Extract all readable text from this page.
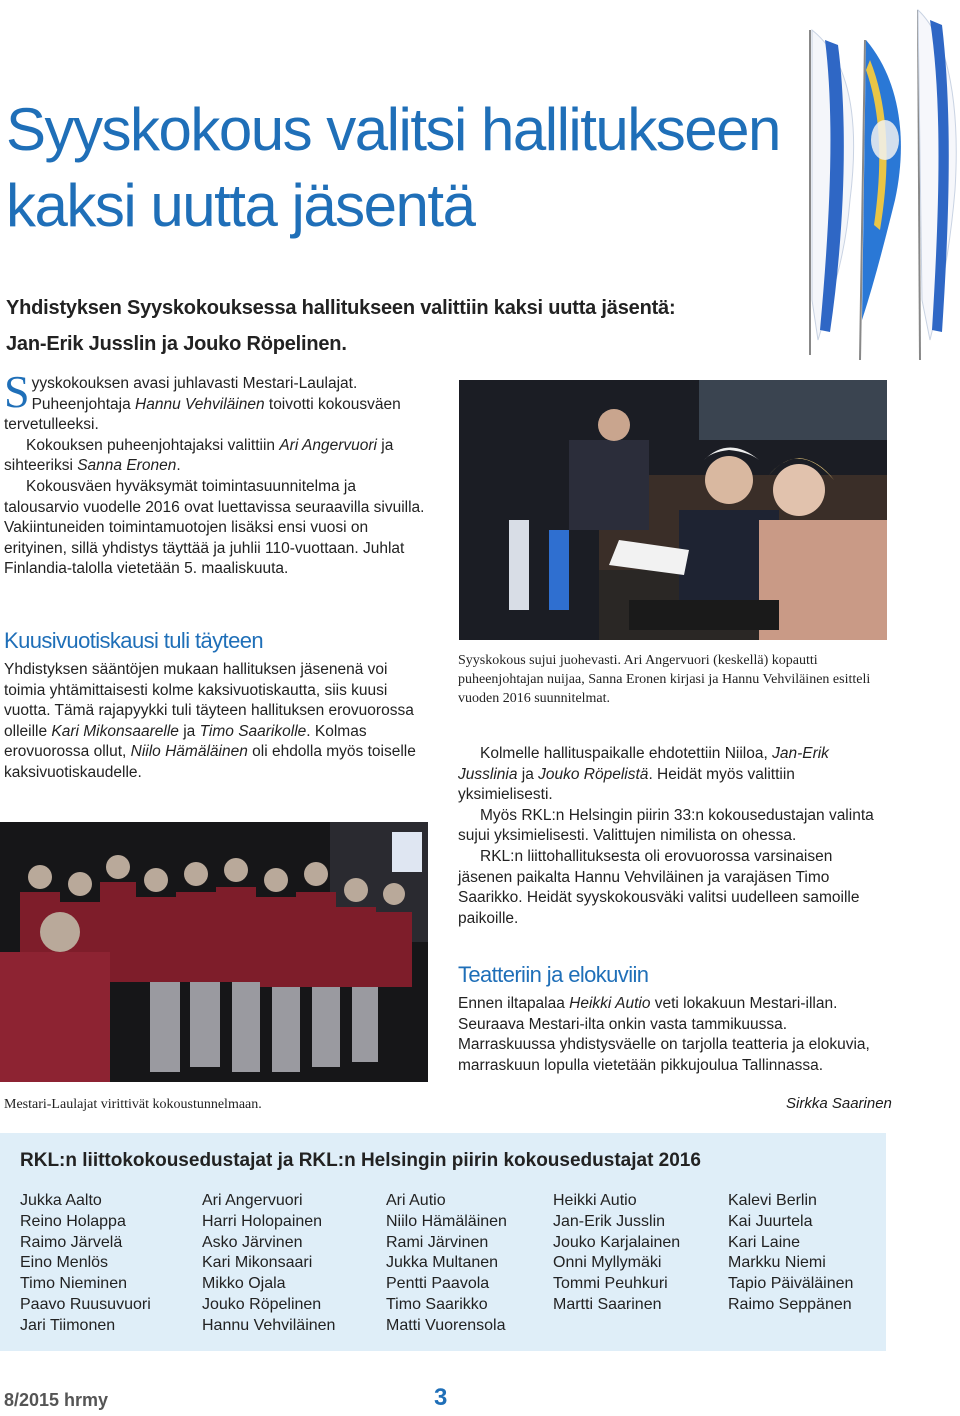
Syyskokous valitsi hallitukseen
kaksi uutta jäsentä
Yhdistyksen Syyskokouksessa hallitukseen valittiin kaksi uutta jäsentä:
Jan-Erik Jusslin ja Jouko Röpelinen.

Syyskokouksen avasi juhlavasti Mestari-Laulajat. Puheenjohtaja Hannu Vehviläinen toivotti kokousväen tervetulleeksi.

Kokouksen puheenjohtajaksi valittiin Ari Angervuori ja sihteeriksi Sanna Eronen.

Kokousväen hyväksymät toimintasuunnitelma ja talousarvio vuodelle 2016 ovat luettavissa seuraavilla sivuilla. Vakiintuneiden toimintamuotojen lisäksi ensi vuosi on erityinen, sillä yhdistys täyttää ja juhlii 110-vuottaan. Juhlat Finlandia-talolla vietetään 5. maaliskuuta.

Kuusivuotiskausi tuli täyteen

Yhdistyksen sääntöjen mukaan hallituksen jäsenenä voi toimia yhtämittaisesti kolme kaksivuotiskautta, siis kuusi vuotta. Tämä rajapyykki tuli täyteen hallituksen erovuorossa olleille Kari Mikonsaarelle ja Timo Saarikolle. Kolmas erovuorossa ollut, Niilo Hämäläinen oli ehdolla myös toiselle kaksivuotiskaudelle.

Mestari-Laulajat virittivät kokoustunnelmaan.
Syyskokous sujui juohevasti. Ari Angervuori (keskellä) kopautti puheenjohtajan nuijaa, Sanna Eronen kirjasi ja Hannu Vehviläinen esitteli vuoden 2016 suunnitelmat.

Kolmelle hallituspaikalle ehdotettiin Niiloa, Jan-Erik Jusslinia ja Jouko Röpelistä. Heidät myös valittiin yksimielisesti.

Myös RKL:n Helsingin piirin 33:n kokousedustajan valinta sujui yksimielisesti. Valittujen nimilista on ohessa.

RKL:n liittohallituksesta oli erovuorossa varsinaisen jäsenen paikalta Hannu Vehviläinen ja varajäsen Timo Saarikko. Heidät syyskokousväki valitsi uudelleen samoille paikoille.

Teatteriin ja elokuviin

Ennen iltapalaa Heikki Autio veti lokakuun Mestari-illan. Seuraava Mestari-ilta onkin vasta tammikuussa. Marraskuussa yhdistysväelle on tarjolla teatteria ja elokuvia, marraskuun lopulla vietetään pikkujoulua Tallinnassa.

Sirkka Saarinen
RKL:n liittokokousedustajat ja RKL:n Helsingin piirin kokousedustajat 2016
Jukka Aalto
Reino Holappa
Raimo Järvelä
Eino Menlös
Timo Nieminen
Paavo Ruusuvuori
Jari Tiimonen
Ari Angervuori
Harri Holopainen
Asko Järvinen
Kari Mikonsaari
Mikko Ojala
Jouko Röpelinen
Hannu Vehviläinen
Ari Autio
Niilo Hämäläinen
Rami Järvinen
Jukka Multanen
Pentti Paavola
Timo Saarikko
Matti Vuorensola
Heikki Autio
Jan-Erik Jusslin
Jouko Karjalainen
Onni Myllymäki
Tommi Peuhkuri
Martti Saarinen
Kalevi Berlin
Kai Juurtela
Kari Laine
Markku Niemi
Tapio Päiväläinen
Raimo Seppänen
8/2015 hrmy	3
